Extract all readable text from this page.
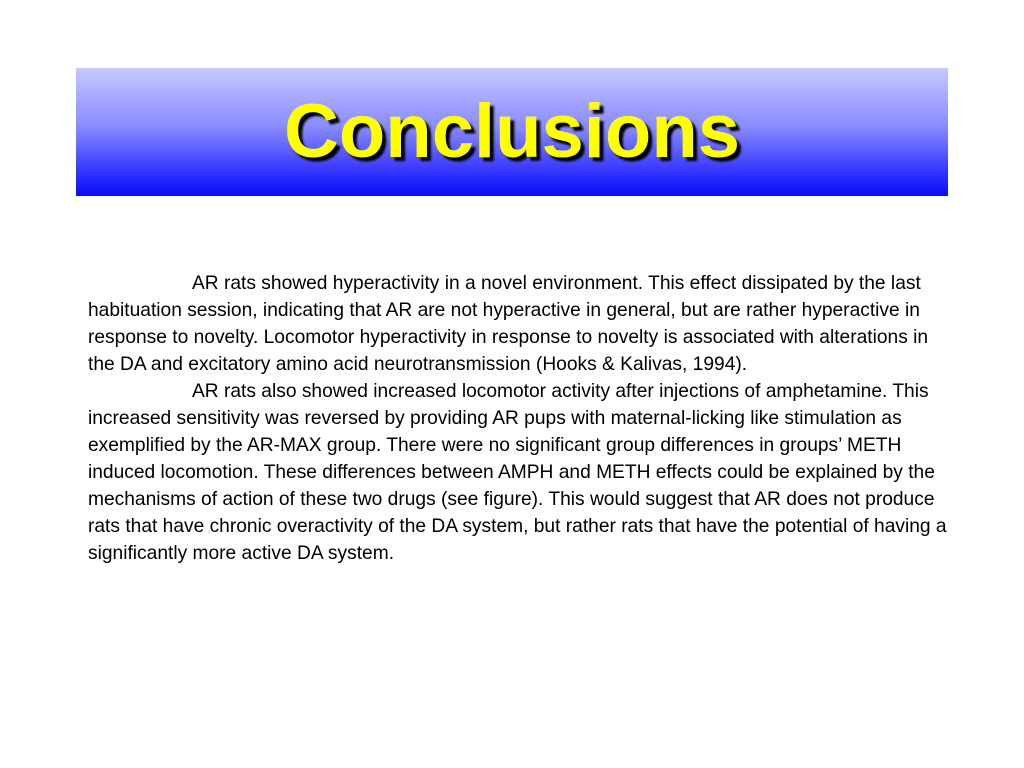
Conclusions

AR rats showed hyperactivity in a novel environment. This effect dissipated by the last habituation session, indicating that AR are not hyperactive in general, but are rather hyperactive in response to novelty. Locomotor hyperactivity in response to novelty is associated with alterations in the DA and excitatory amino acid neurotransmission (Hooks & Kalivas, 1994).

AR rats also showed increased locomotor activity after injections of amphetamine. This increased sensitivity was reversed by providing AR pups with maternal-licking like stimulation as exemplified by the AR-MAX group. There were no significant group differences in groups’ METH induced locomotion. These differences between AMPH and METH effects could be explained by the mechanisms of action of these two drugs (see figure). This would suggest that AR does not produce rats that have chronic overactivity of the DA system, but rather rats that have the potential of having a significantly more active DA system.
